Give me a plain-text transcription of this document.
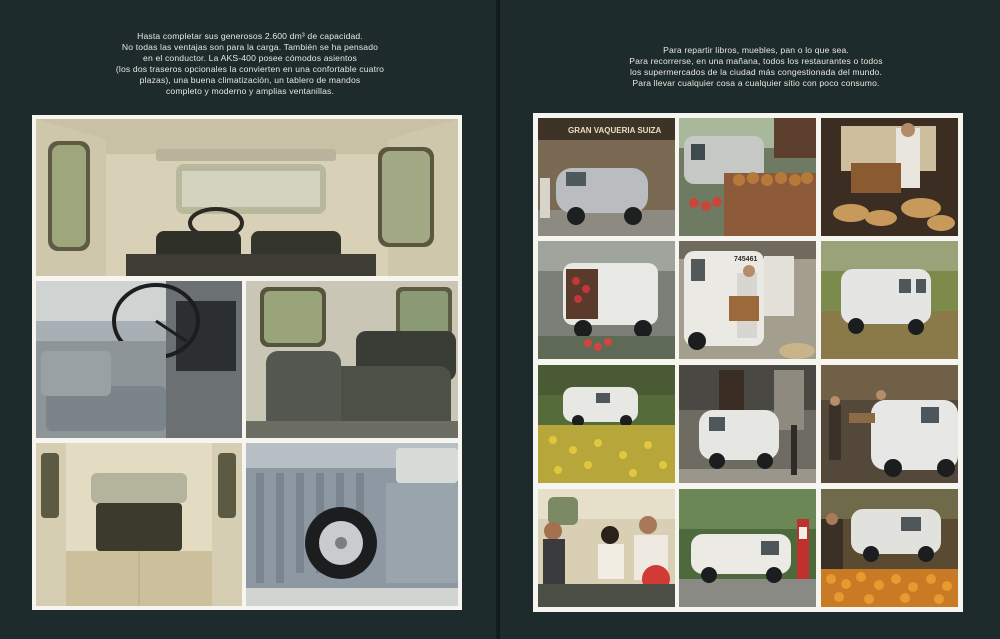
Hasta completar sus generosos 2.600 dm³ de capacidad.
No todas las ventajas son para la carga. También se ha pensado
en el conductor. La AKS-400 posee cómodos asientos
(los dos traseros opcionales la convierten en una confortable cuatro
plazas), una buena climatización, un tablero de mandos
completo y moderno y amplias ventanillas.
Para repartir libros, muebles, pan o lo que sea.
Para recorrerse, en una mañana, todos los restaurantes o todos
los supermercados de la ciudad más congestionada del mundo.
Para llevar cualquier cosa a cualquier sitio con poco consumo.
GRAN VAQUERIA SUIZA
745461
